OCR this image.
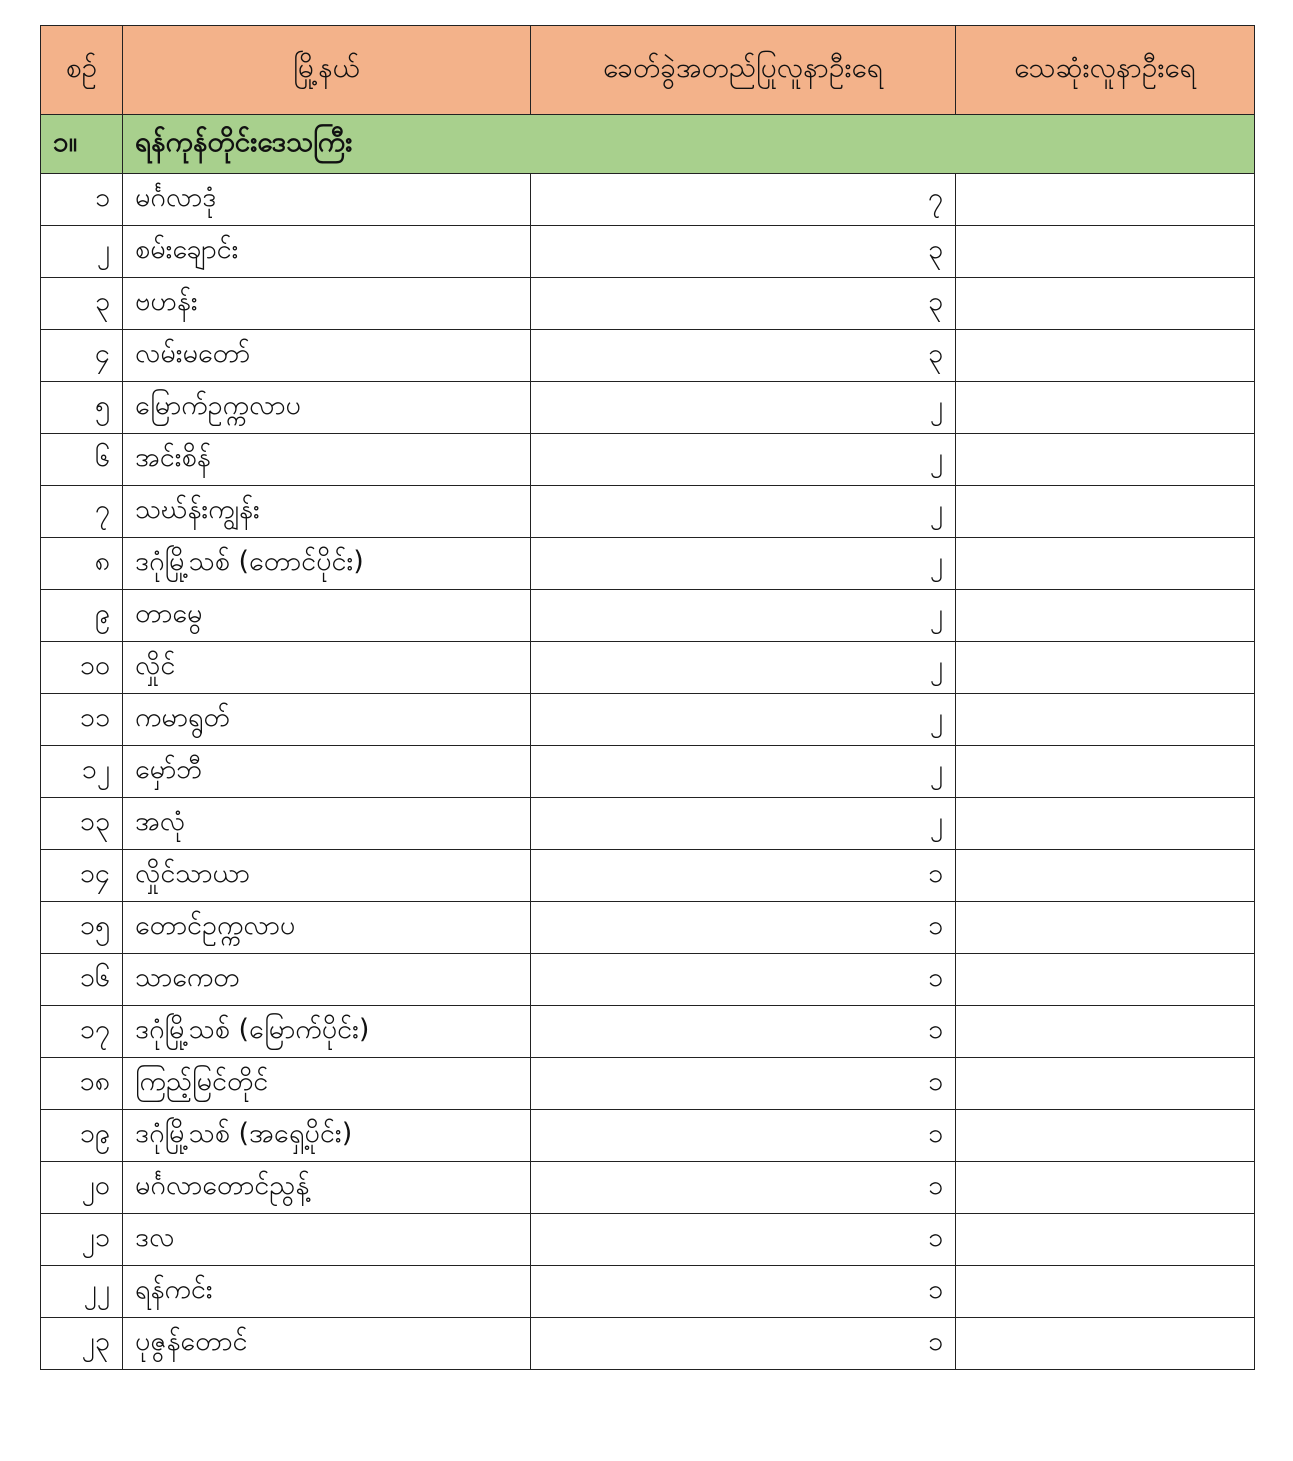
စဉ်	မြို့နယ်	ခေတ်ခွဲအတည်ပြုလူနာဦးရေ	သေဆုံးလူနာဦးရေ
၁။	ရန်ကုန်တိုင်းဒေသကြီး		
၁	မင်္ဂလာဒုံ	၇	
၂	စမ်းချောင်း	၃	
၃	ဗဟန်း	၃	
၄	လမ်းမတော်	၃	
၅	မြောက်ဥက္ကလာပ	၂	
၆	အင်းစိန်	၂	
၇	သဃ်န်းကျွန်း	၂	
၈	ဒဂုံမြို့သစ် (တောင်ပိုင်း)	၂	
၉	တာမွေ	၂	
၁၀	လှိုင်	၂	
၁၁	ကမာရွတ်	၂	
၁၂	မှော်ဘီ	၂	
၁၃	အလုံ	၂	
၁၄	လှိုင်သာယာ	၁	
၁၅	တောင်ဥက္ကလာပ	၁	
၁၆	သာကေတ	၁	
၁၇	ဒဂုံမြို့သစ် (မြောက်ပိုင်း)	၁	
၁၈	ကြည့်မြင်တိုင်	၁	
၁၉	ဒဂုံမြို့သစ် (အရှေ့ပိုင်း)	၁	
၂၀	မင်္ဂလာတောင်ညွန့်	၁	
၂၁	ဒလ	၁	
၂၂	ရန်ကင်း	၁	
၂၃	ပုဇွန်တောင်	၁	
